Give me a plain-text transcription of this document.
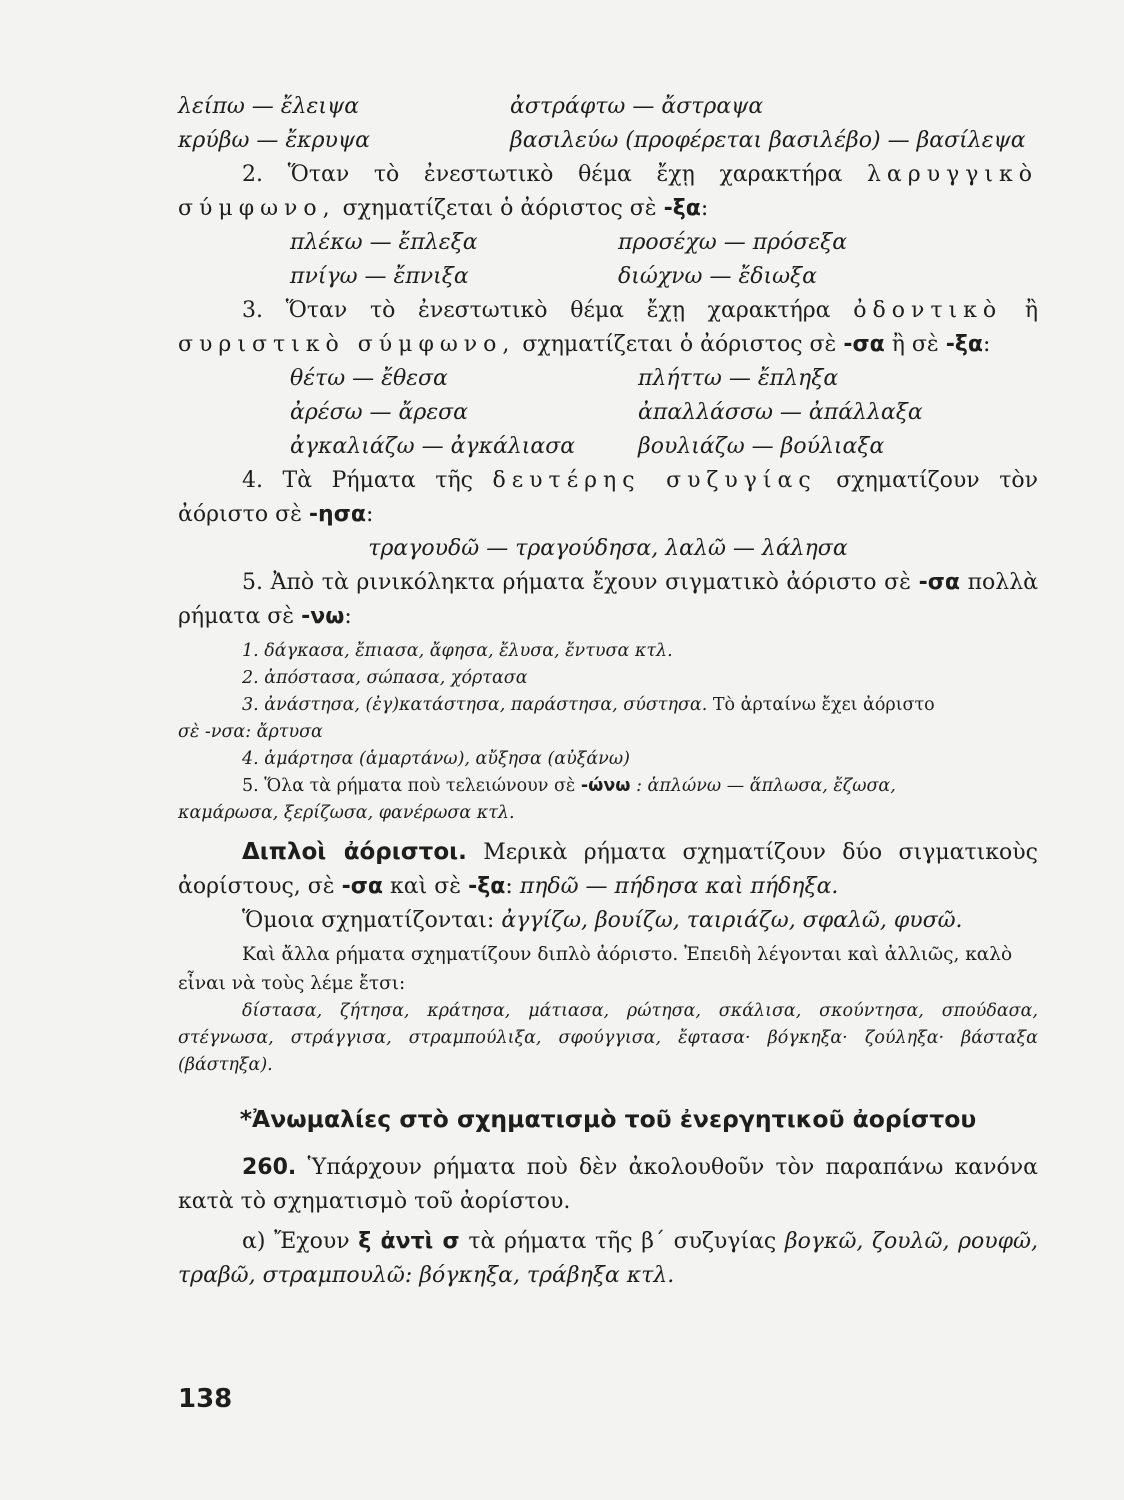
λείπω — ἔλειψα	ἀστράφτω — ἄστραψα
κρύβω — ἔκρυψα	βασιλεύω (προφέρεται βασιλέβο) — βασίλεψα

2. Ὅταν τὸ ἐνεστωτικὸ θέμα ἔχῃ χαρακτήρα λαρυγγικὸ σύμφωνο, σχηματίζεται ὁ ἀόριστος σὲ -ξα:

πλέκω — ἔπλεξα	προσέχω — πρόσεξα
πνίγω — ἔπνιξα	διώχνω — ἔδιωξα

3. Ὅταν τὸ ἐνεστωτικὸ θέμα ἔχῃ χαρακτήρα ὀδοντικὸ ἢ συριστικὸ σύμφωνο, σχηματίζεται ὁ ἀόριστος σὲ -σα ἢ σὲ -ξα:

θέτω — ἔθεσα	πλήττω — ἔπληξα
ἀρέσω — ἄρεσα	ἀπαλλάσσω — ἀπάλλαξα
ἀγκαλιάζω — ἀγκάλιασα	βουλιάζω — βούλιαξα

4. Τὰ Ρήματα τῆς δευτέρης συζυγίας σχηματίζουν τὸν ἀόριστο σὲ -ησα:

τραγουδῶ — τραγούδησα, λαλῶ — λάλησα

5. Ἀπὸ τὰ ρινικόληκτα ρήματα ἔχουν σιγματικὸ ἀόριστο σὲ -σα πολλὰ ρήματα σὲ -νω:

1. δάγκασα, ἔπιασα, ἄφησα, ἔλυσα, ἔντυσα κτλ.
2. ἀπόστασα, σώπασα, χόρτασα
3. ἀνάστησα, (ἐγ)κατάστησα, παράστησα, σύστησα. Τὸ ἀρταίνω ἔχει ἀόριστο
σὲ -νσα: ἄρτυσα
4. ἁμάρτησα (ἁμαρτάνω), αὔξησα (αὐξάνω)
5. Ὅλα τὰ ρήματα ποὺ τελειώνουν σὲ -ώνω : ἁπλώνω — ἅπλωσα, ἔζωσα,
καμάρωσα, ξερίζωσα, φανέρωσα κτλ.

Διπλοὶ ἀόριστοι. Μερικὰ ρήματα σχηματίζουν δύο σιγματικοὺς ἀορίστους, σὲ -σα καὶ σὲ -ξα: πηδῶ — πήδησα καὶ πήδηξα.

Ὅμοια σχηματίζονται: ἀγγίζω, βουίζω, ταιριάζω, σφαλῶ, φυσῶ.

Καὶ ἄλλα ρήματα σχηματίζουν διπλὸ ἀόριστο. Ἐπειδὴ λέγονται καὶ ἀλλιῶς, καλὸ εἶναι νὰ τοὺς λέμε ἔτσι:

δίστασα, ζήτησα, κράτησα, μάτιασα, ρώτησα, σκάλισα, σκούντησα, σπούδασα, στέγνωσα, στράγγισα, στραμπούλιξα, σφούγγισα, ἔφτασα· βόγκηξα· ζούληξα· βάσταξα (βάστηξα).

*Ἀνωμαλίες στὸ σχηματισμὸ τοῦ ἐνεργητικοῦ ἀορίστου

260. Ὑπάρχουν ρήματα ποὺ δὲν ἀκολουθοῦν τὸν παραπάνω κανόνα κατὰ τὸ σχηματισμὸ τοῦ ἀορίστου.

α) Ἔχουν ξ ἀντὶ σ τὰ ρήματα τῆς β΄ συζυγίας βογκῶ, ζουλῶ, ρουφῶ, τραβῶ, στραμπουλῶ: βόγκηξα, τράβηξα κτλ.

138
